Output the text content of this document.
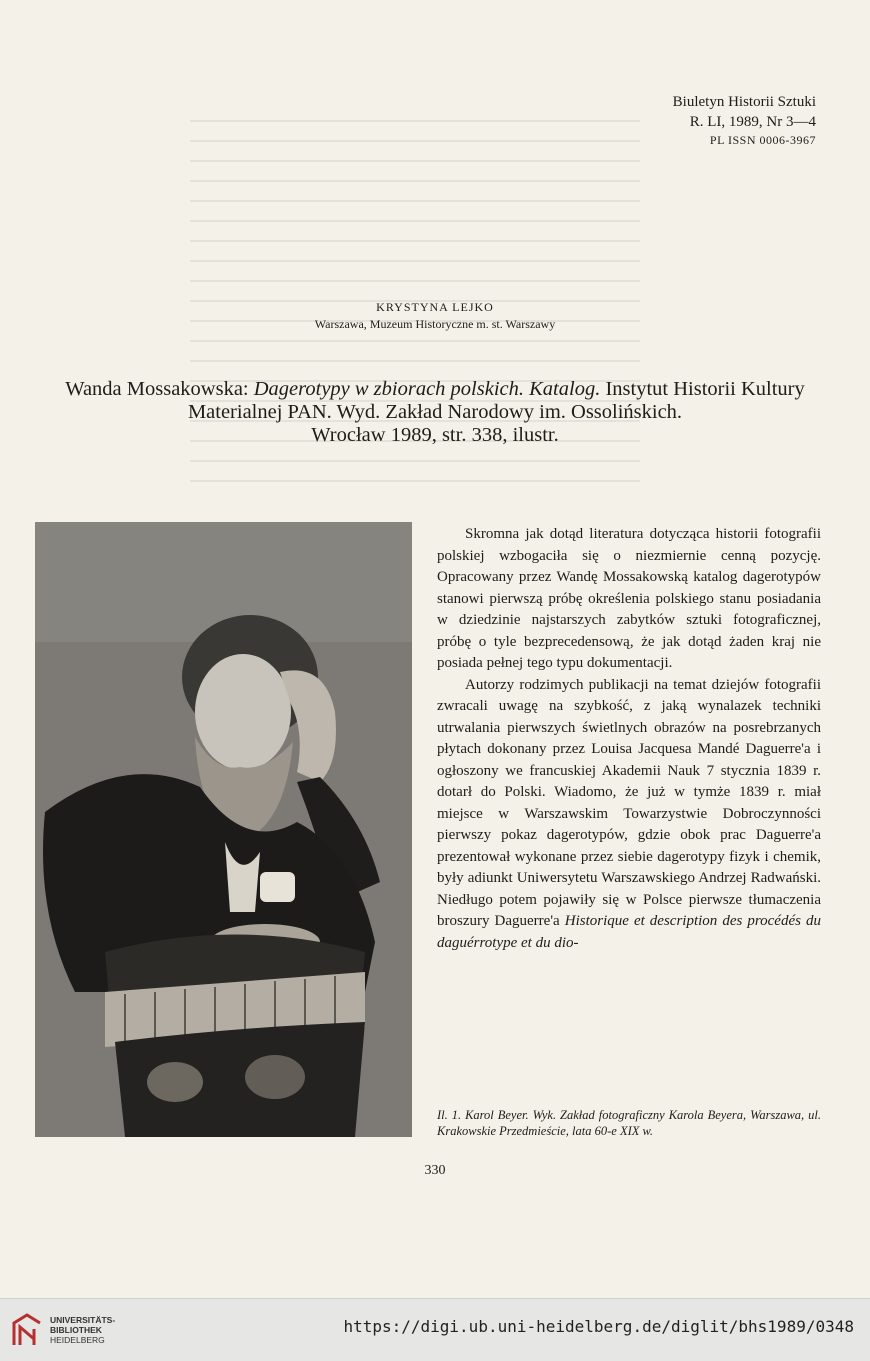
Biuletyn Historii Sztuki
R. LI, 1989, Nr 3—4
PL ISSN 0006-3967
KRYSTYNA LEJKO
Warszawa, Muzeum Historyczne m. st. Warszawy
Wanda Mossakowska: Dagerotypy w zbiorach polskich. Katalog. Instytut Historii Kultury Materialnej PAN. Wyd. Zakład Narodowy im. Ossolińskich.
Wrocław 1989, str. 338, ilustr.

Skromna jak dotąd literatura dotycząca historii fotografii polskiej wzbogaciła się o niezmiernie cenną pozycję. Opracowany przez Wandę Mossakowską katalog dagerotypów stanowi pierwszą próbę określenia polskiego stanu posiadania w dziedzinie najstarszych zabytków sztuki fotograficznej, próbę o tyle bezprecedensową, że jak dotąd żaden kraj nie posiada pełnej tego typu dokumentacji.

Autorzy rodzimych publikacji na temat dziejów fotografii zwracali uwagę na szybkość, z jaką wynalazek techniki utrwalania pierwszych świetlnych obrazów na posrebrzanych płytach dokonany przez Louisa Jacquesa Mandé Daguerre'a i ogłoszony we francuskiej Akademii Nauk 7 stycznia 1839 r. dotarł do Polski. Wiadomo, że już w tymże 1839 r. miał miejsce w Warszawskim Towarzystwie Dobroczynności pierwszy pokaz dagerotypów, gdzie obok prac Daguerre'a prezentował wykonane przez siebie dagerotypy fizyk i chemik, były adiunkt Uniwersytetu Warszawskiego Andrzej Radwański. Niedługo potem pojawiły się w Polsce pierwsze tłumaczenia broszury Daguerre'a Historique et description des procédés du daguérrotype et du dio-

Il. 1. Karol Beyer. Wyk. Zakład fotograficzny Karola Beyera, Warszawa, ul. Krakowskie Przedmieście, lata 60-e XIX w.
330
UNIVERSITÄTS-
BIBLIOTHEK
HEIDELBERG
https://digi.ub.uni-heidelberg.de/diglit/bhs1989/0348
